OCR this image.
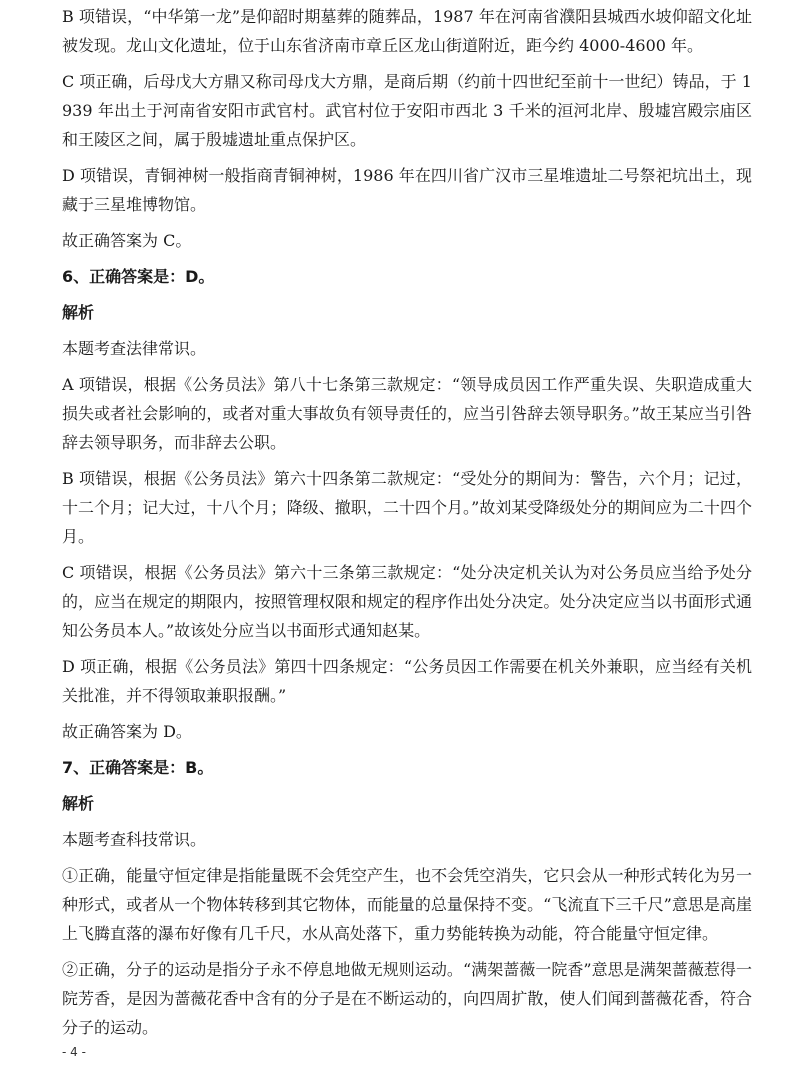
B 项错误，“中华第一龙”是仰韶时期墓葬的随葬品，1987 年在河南省濮阳县城西水坡仰韶文化址被发现。龙山文化遗址，位于山东省济南市章丘区龙山街道附近，距今约 4000-4600 年。
C 项正确，后母戊大方鼎又称司母戊大方鼎，是商后期（约前十四世纪至前十一世纪）铸品，于 1939 年出土于河南省安阳市武官村。武官村位于安阳市西北 3 千米的洹河北岸、殷墟宫殿宗庙区和王陵区之间，属于殷墟遗址重点保护区。
D 项错误，青铜神树一般指商青铜神树，1986 年在四川省广汉市三星堆遗址二号祭祀坑出土，现藏于三星堆博物馆。
故正确答案为 C。
6、正确答案是：D。
解析
本题考查法律常识。
A 项错误，根据《公务员法》第八十七条第三款规定：“领导成员因工作严重失误、失职造成重大损失或者社会影响的，或者对重大事故负有领导责任的，应当引咎辞去领导职务。”故王某应当引咎辞去领导职务，而非辞去公职。
B 项错误，根据《公务员法》第六十四条第二款规定：“受处分的期间为：警告，六个月；记过，十二个月；记大过，十八个月；降级、撤职，二十四个月。”故刘某受降级处分的期间应为二十四个月。
C 项错误，根据《公务员法》第六十三条第三款规定：“处分决定机关认为对公务员应当给予处分的，应当在规定的期限内，按照管理权限和规定的程序作出处分决定。处分决定应当以书面形式通知公务员本人。”故该处分应当以书面形式通知赵某。
D 项正确，根据《公务员法》第四十四条规定：“公务员因工作需要在机关外兼职，应当经有关机关批准，并不得领取兼职报酬。”
故正确答案为 D。
7、正确答案是：B。
解析
本题考查科技常识。
①正确，能量守恒定律是指能量既不会凭空产生，也不会凭空消失，它只会从一种形式转化为另一种形式，或者从一个物体转移到其它物体，而能量的总量保持不变。“飞流直下三千尺”意思是高崖上飞腾直落的瀑布好像有几千尺，水从高处落下，重力势能转换为动能，符合能量守恒定律。
②正确，分子的运动是指分子永不停息地做无规则运动。“满架蔷薇一院香”意思是满架蔷薇惹得一院芳香，是因为蔷薇花香中含有的分子是在不断运动的，向四周扩散，使人们闻到蔷薇花香，符合分子的运动。
- 4 -
